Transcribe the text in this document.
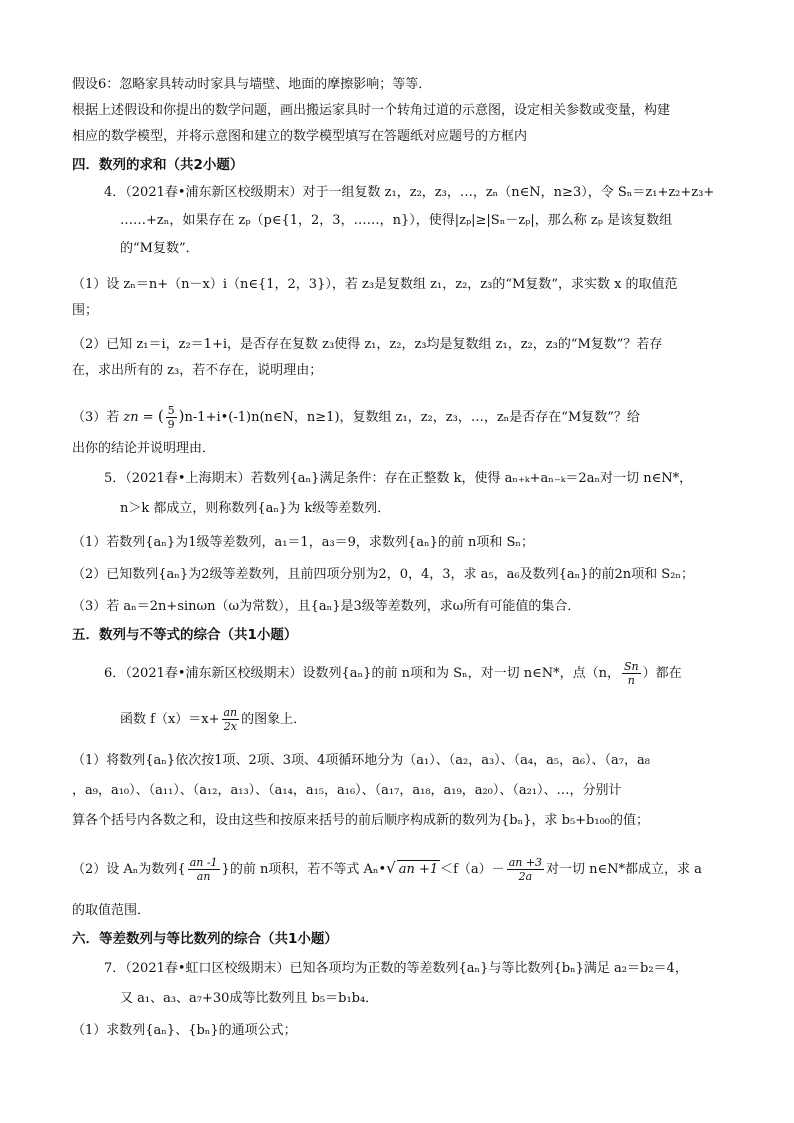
假设6：忽略家具转动时家具与墙壁、地面的摩擦影响；等等．
根据上述假设和你提出的数学问题，画出搬运家具时一个转角过道的示意图，设定相关参数或变量，构建
相应的数学模型，并将示意图和建立的数学模型填写在答题纸对应题号的方框内
四．数列的求和（共2小题）
4．（2021春•浦东新区校级期末）对于一组复数 z₁，z₂，z₃，…，zₙ（n∈N，n≥3），令 Sₙ＝z₁+z₂+z₃+
……+zₙ，如果存在 zₚ（p∈{1，2，3，……，n}），使得|zₚ|≥|Sₙ－zₚ|，那么称 zₚ 是该复数组
的“M复数”．
（1）设 zₙ＝n+（n－x）i（n∈{1，2，3}），若 z₃是复数组 z₁，z₂，z₃的“M复数”，求实数 x 的取值范
围；
（2）已知 z₁＝i，z₂＝1+i，是否存在复数 z₃使得 z₁，z₂，z₃均是复数组 z₁，z₂，z₃的“M复数”？若存
在，求出所有的 z₃，若不存在，说明理由；
（3）若 zn = ( $\frac{5}{9}$ )n-1+i•(-1)n(n∈N，n≥1)，复数组 z₁，z₂，z₃，…，zₙ是否存在“M复数”？给
出你的结论并说明理由．
5．（2021春•上海期末）若数列{aₙ}满足条件：存在正整数 k，使得 aₙ₊ₖ+aₙ₋ₖ＝2aₙ对一切 n∈N*，
n＞k 都成立，则称数列{aₙ}为 k级等差数列．
（1）若数列{aₙ}为1级等差数列，a₁＝1，a₃＝9，求数列{aₙ}的前 n项和 Sₙ；
（2）已知数列{aₙ}为2级等差数列，且前四项分别为2，0，4，3，求 a₅，a₆及数列{aₙ}的前2n项和 S₂ₙ；
（3）若 aₙ＝2n+sinωn（ω为常数），且{aₙ}是3级等差数列，求ω所有可能值的集合．
五．数列与不等式的综合（共1小题）
6．（2021春•浦东新区校级期末）设数列{aₙ}的前 n项和为 Sₙ，对一切 n∈N*，点（n， $\frac{Sn}{n}$ ）都在
函数 $f(x)=x+ \frac{an}{2x}$ 的图象上．
（1）将数列{aₙ}依次按1项、2项、3项、4项循环地分为（a₁）、（a₂，a₃）、（a₄，a₅，a₆）、（a₇，a₈
，a₉，a₁₀）、（a₁₁）、（a₁₂，a₁₃）、（a₁₄，a₁₅，a₁₆）、（a₁₇，a₁₈，a₁₉，a₂₀）、（a₂₁）、…，分别计
算各个括号内各数之和，设由这些和按原来括号的前后顺序构成新的数列为{bₙ}，求 b₅+b₁₀₀的值；
（2）设 Aₙ为数列{ $\frac{an -1}{an}$ }的前 n项积，若不等式 Aₙ•√ an $+1 <f(a)- \frac{an +3}{2a}$ 对一切 n∈N*都成立，求 a
的取值范围．
六．等差数列与等比数列的综合（共1小题）
7．（2021春•虹口区校级期末）已知各项均为正数的等差数列{aₙ}与等比数列{bₙ}满足 a₂＝b₂＝4，
又 a₁、a₃、a₇+30成等比数列且 b₅＝b₁b₄．
（1）求数列{aₙ}、{bₙ}的通项公式；
